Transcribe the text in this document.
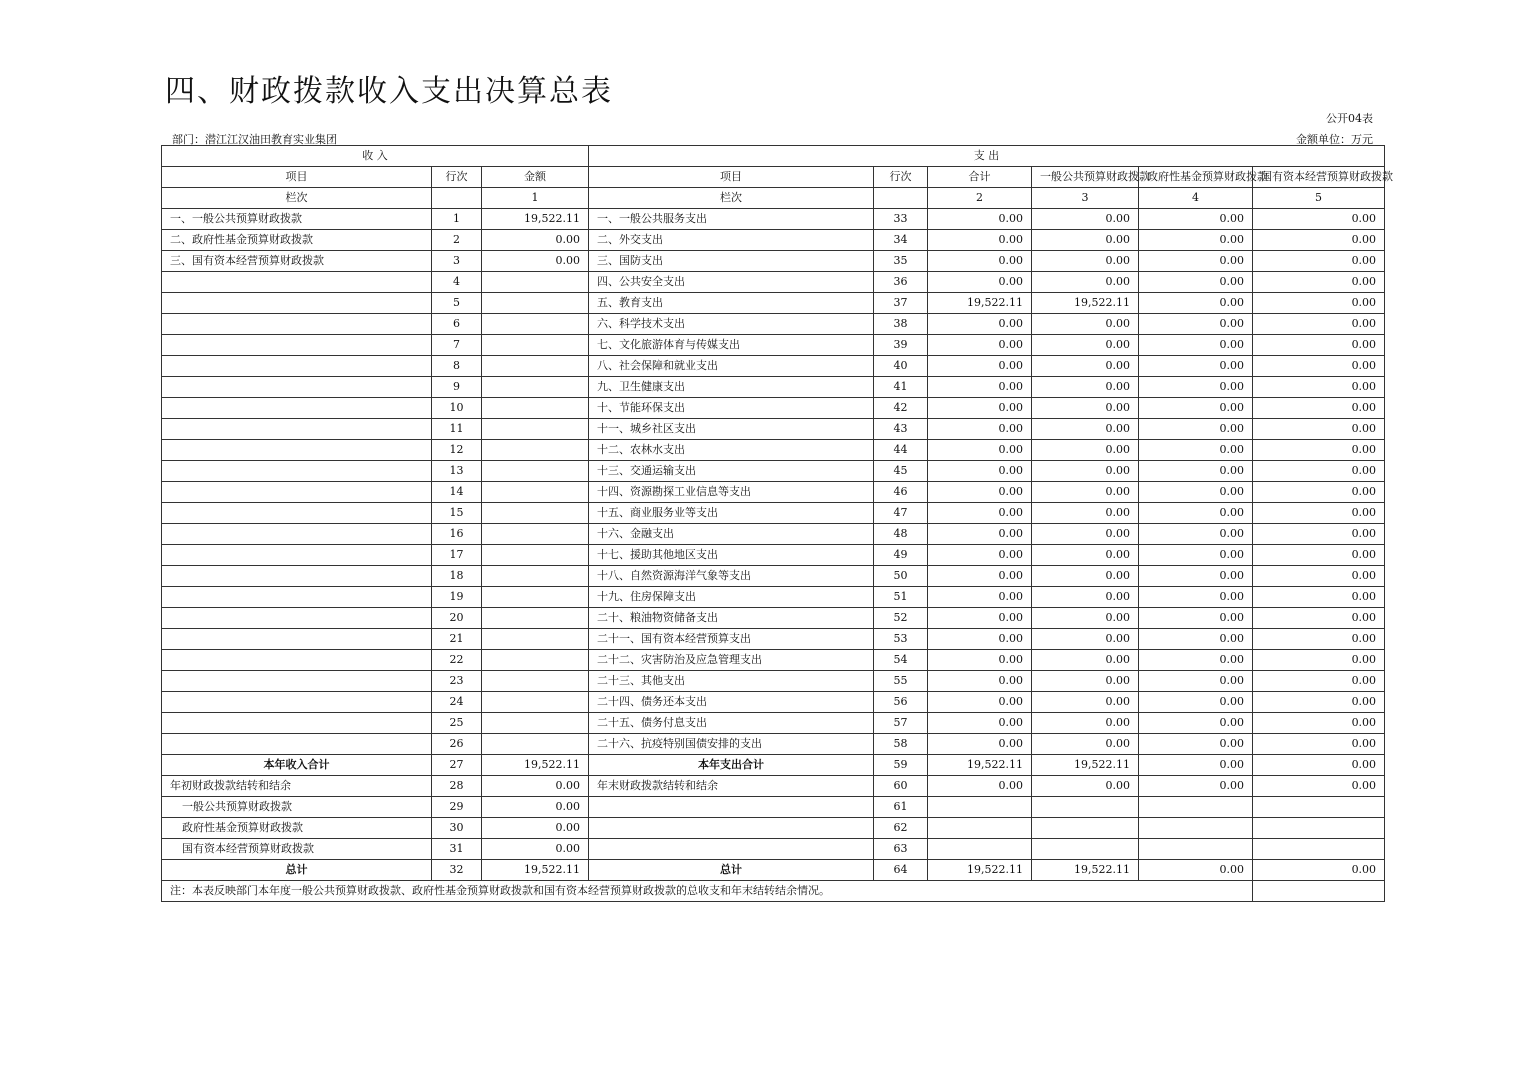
四、财政拨款收入支出决算总表
公开04表
部门：潜江江汉油田教育实业集团	金额单位：万元
收 入			支 出					
项目	行次	金额	项目	行次	合计	一般公共预算财政拨款	政府性基金预算财政拨款	国有资本经营预算财政拨款
栏次		1	栏次		2	3	4	5
一、一般公共预算财政拨款	1	19,522.11	一、一般公共服务支出	33	0.00	0.00	0.00	0.00
二、政府性基金预算财政拨款	2	0.00	二、外交支出	34	0.00	0.00	0.00	0.00
三、国有资本经营预算财政拨款	3	0.00	三、国防支出	35	0.00	0.00	0.00	0.00
	4		四、公共安全支出	36	0.00	0.00	0.00	0.00
	5		五、教育支出	37	19,522.11	19,522.11	0.00	0.00
	6		六、科学技术支出	38	0.00	0.00	0.00	0.00
	7		七、文化旅游体育与传媒支出	39	0.00	0.00	0.00	0.00
	8		八、社会保障和就业支出	40	0.00	0.00	0.00	0.00
	9		九、卫生健康支出	41	0.00	0.00	0.00	0.00
	10		十、节能环保支出	42	0.00	0.00	0.00	0.00
	11		十一、城乡社区支出	43	0.00	0.00	0.00	0.00
	12		十二、农林水支出	44	0.00	0.00	0.00	0.00
	13		十三、交通运输支出	45	0.00	0.00	0.00	0.00
	14		十四、资源勘探工业信息等支出	46	0.00	0.00	0.00	0.00
	15		十五、商业服务业等支出	47	0.00	0.00	0.00	0.00
	16		十六、金融支出	48	0.00	0.00	0.00	0.00
	17		十七、援助其他地区支出	49	0.00	0.00	0.00	0.00
	18		十八、自然资源海洋气象等支出	50	0.00	0.00	0.00	0.00
	19		十九、住房保障支出	51	0.00	0.00	0.00	0.00
	20		二十、粮油物资储备支出	52	0.00	0.00	0.00	0.00
	21		二十一、国有资本经营预算支出	53	0.00	0.00	0.00	0.00
	22		二十二、灾害防治及应急管理支出	54	0.00	0.00	0.00	0.00
	23		二十三、其他支出	55	0.00	0.00	0.00	0.00
	24		二十四、债务还本支出	56	0.00	0.00	0.00	0.00
	25		二十五、债务付息支出	57	0.00	0.00	0.00	0.00
	26		二十六、抗疫特别国债安排的支出	58	0.00	0.00	0.00	0.00
本年收入合计	27	19,522.11	本年支出合计	59	19,522.11	19,522.11	0.00	0.00
年初财政拨款结转和结余	28	0.00	年末财政拨款结转和结余	60	0.00	0.00	0.00	0.00
一般公共预算财政拨款	29	0.00		61				
政府性基金预算财政拨款	30	0.00		62				
国有资本经营预算财政拨款	31	0.00		63				
总计	32	19,522.11	总计	64	19,522.11	19,522.11	0.00	0.00
注：本表反映部门本年度一般公共预算财政拨款、政府性基金预算财政拨款和国有资本经营预算财政拨款的总收支和年末结转结余情况。								
